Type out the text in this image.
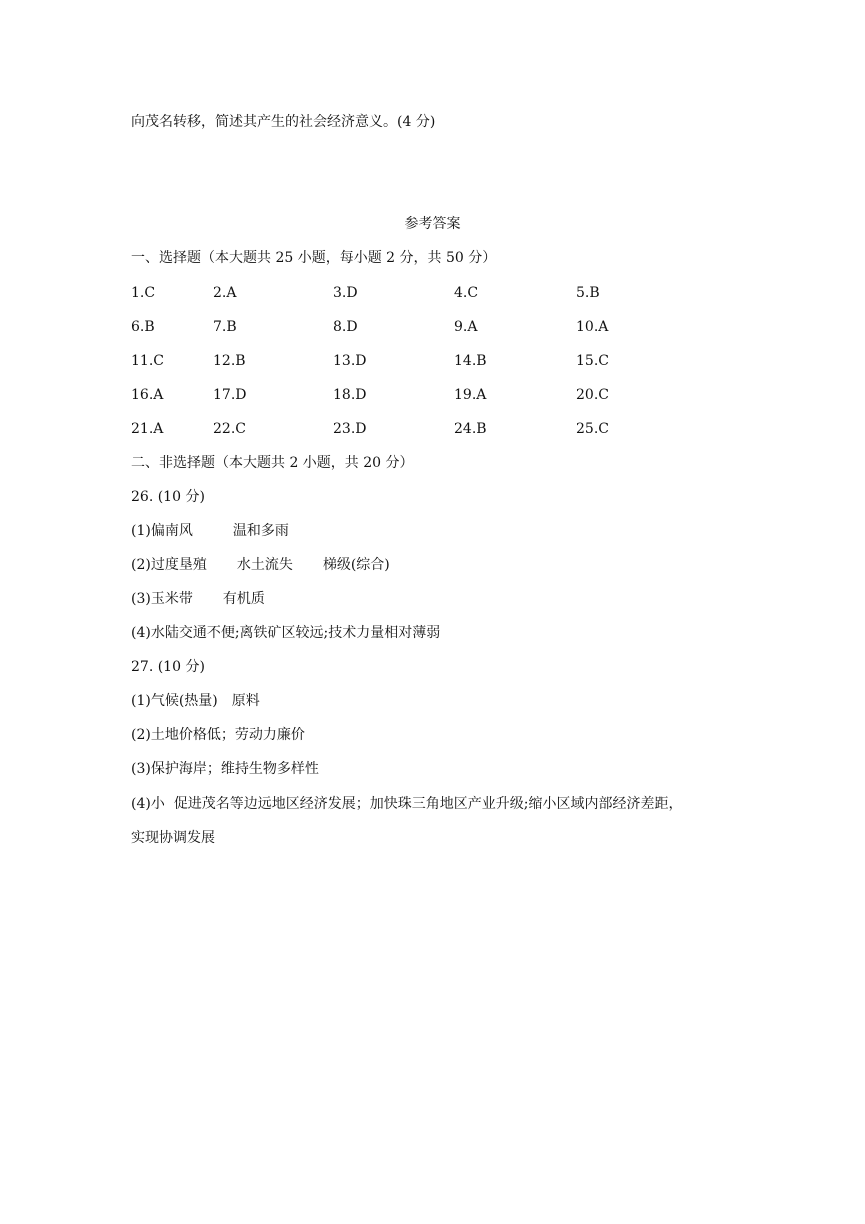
向茂名转移，简述其产生的社会经济意义。(4 分)
参考答案
一、选择题（本大题共 25 小题，每小题 2 分，共 50 分）
1.C	2.A	3.D	4.C	5.B
6.B	7.B	8.D	9.A	10.A
11.C	12.B	13.D	14.B	15.C
16.A	17.D	18.D	19.A	20.C
21.A	22.C	23.D	24.B	25.C
二、非选择题（本大题共 2 小题，共 20 分）
26. (10 分)
(1)偏南风	温和多雨
(2)过度垦殖 水土流失 梯级(综合)
(3)玉米带 有机质
(4)水陆交通不便;离铁矿区较远;技术力量相对薄弱
27. (10 分)
(1)气候(热量) 原料
(2)土地价格低；劳动力廉价
(3)保护海岸；维持生物多样性
(4)小  促进茂名等边远地区经济发展；加快珠三角地区产业升级;缩小区域内部经济差距，
实现协调发展
